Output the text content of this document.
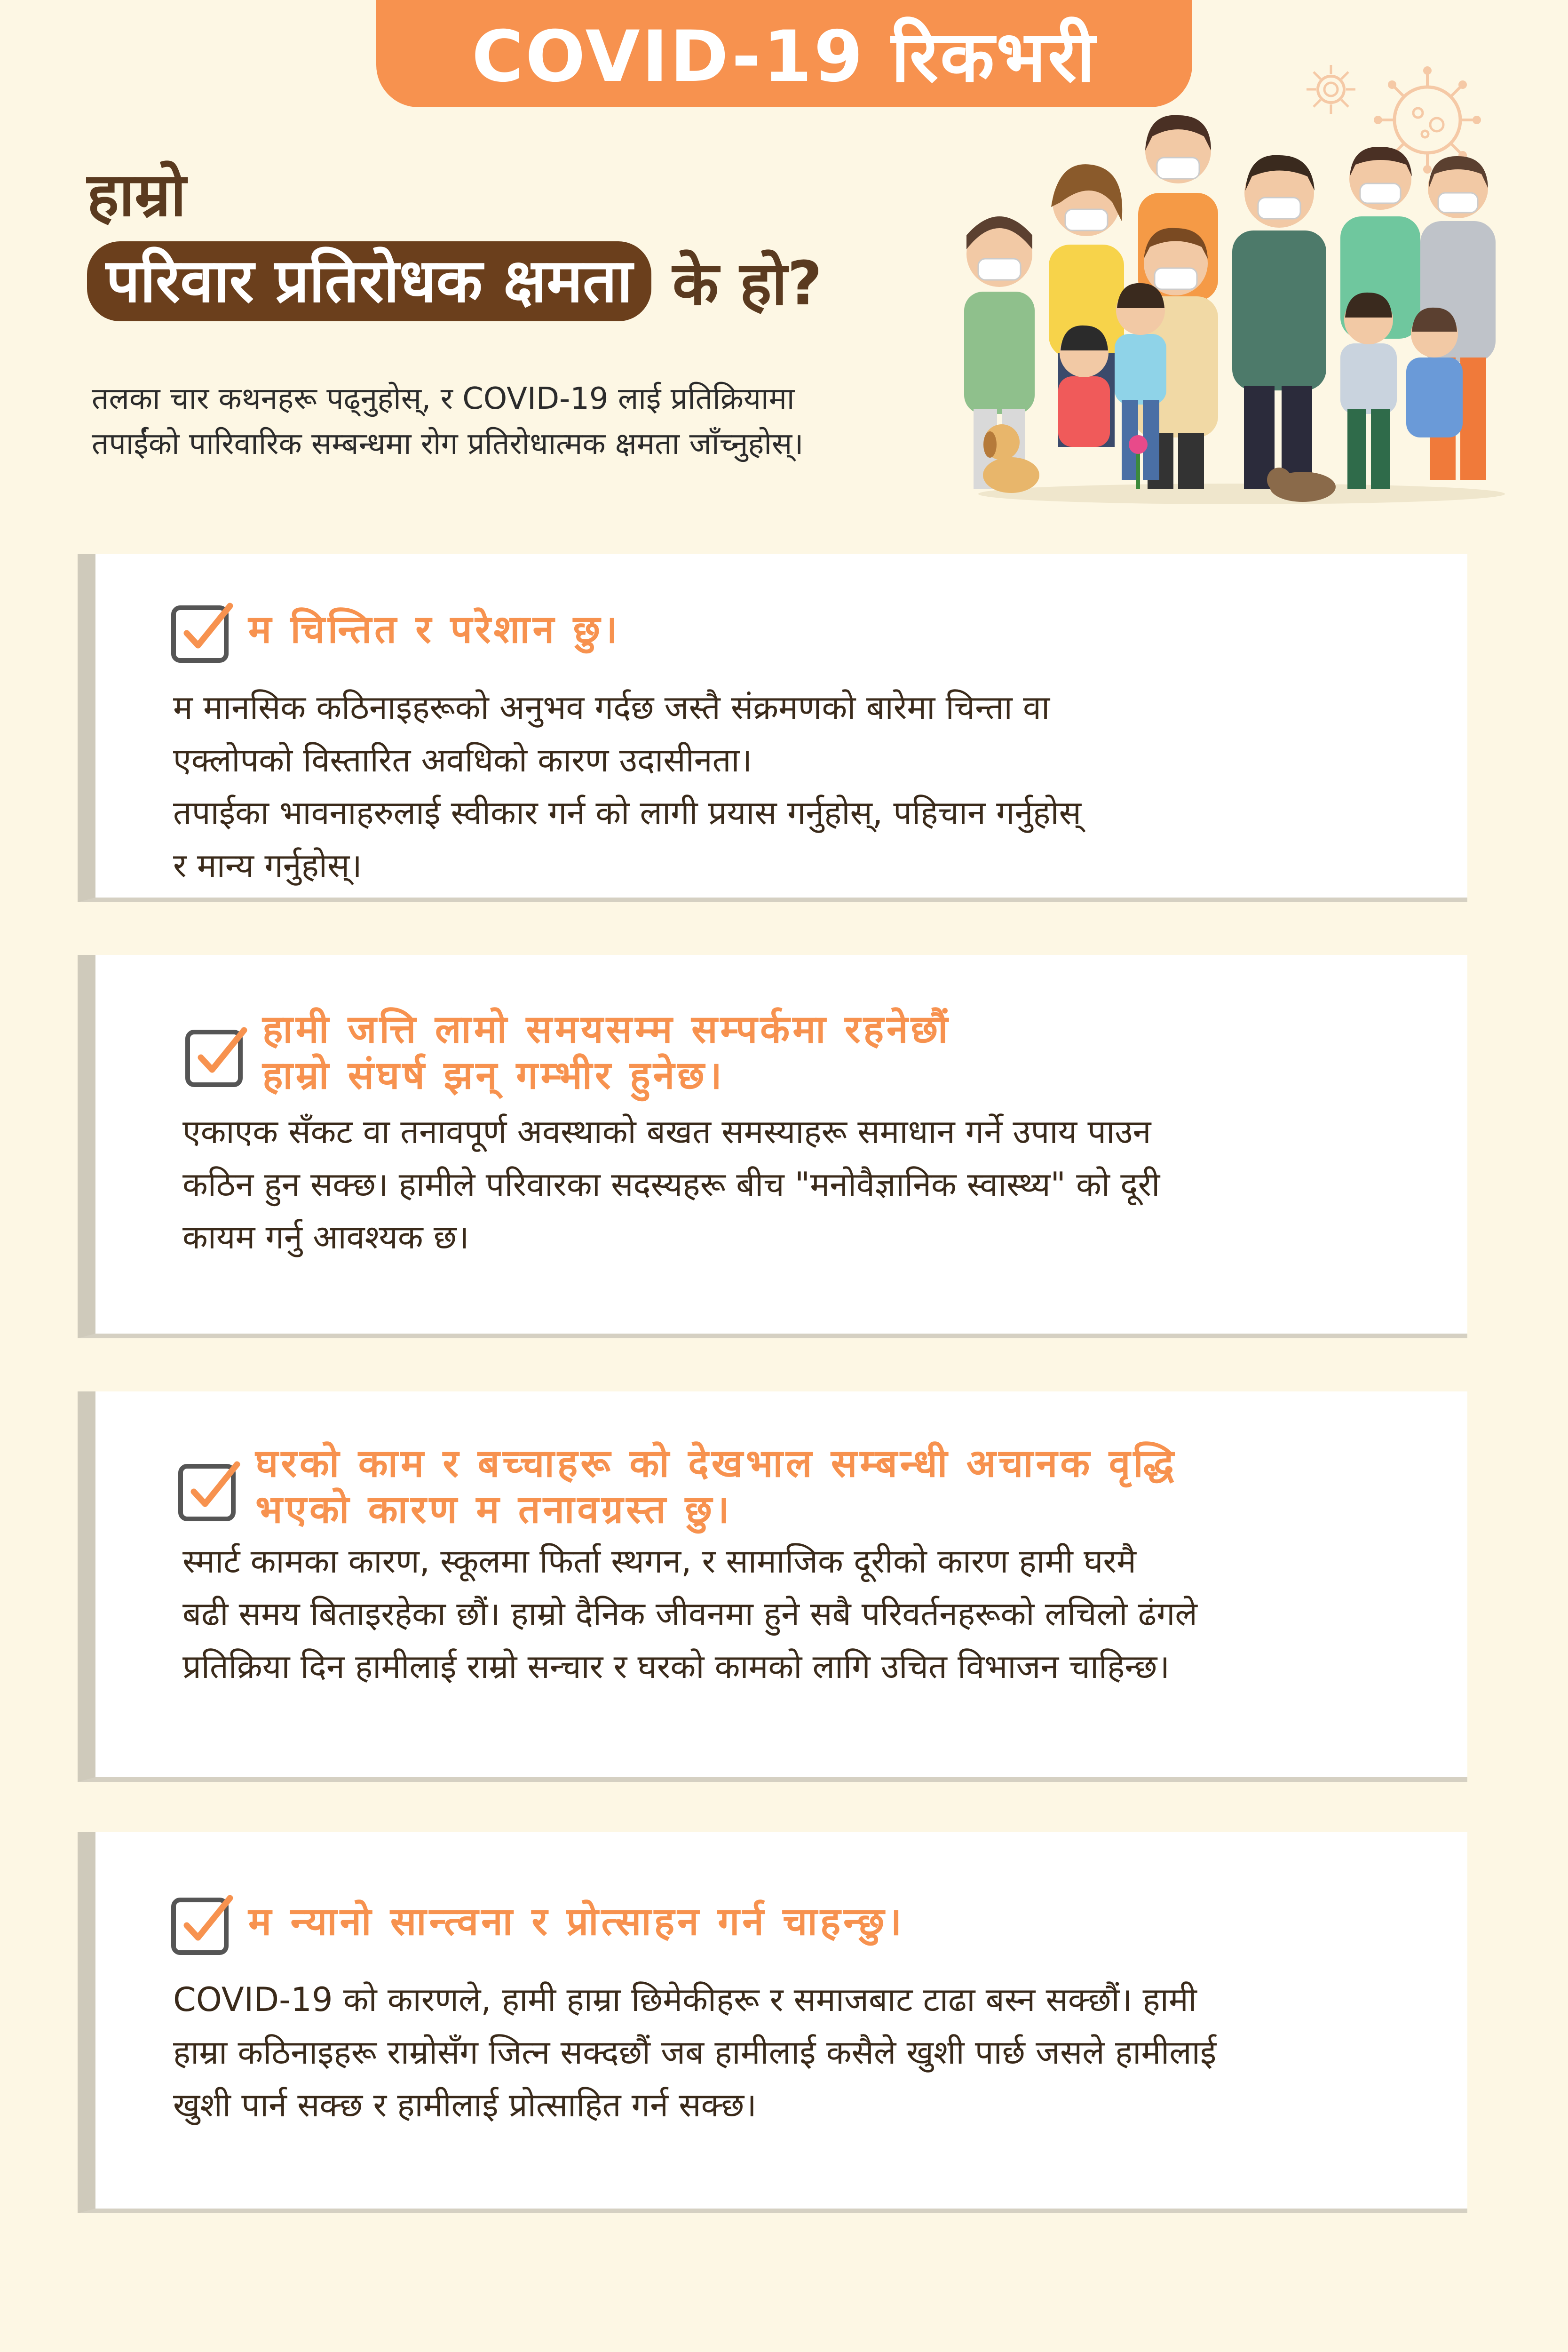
COVID-19 रिकभरी
हाम्रो
परिवार प्रतिरोधक क्षमता के हो?
तलका चार कथनहरू पढ्नुहोस्, र COVID-19 लाई प्रतिक्रियामा तपाईंको पारिवारिक सम्बन्धमा रोग प्रतिरोधात्मक क्षमता जाँच्नुहोस्।
म चिन्तित र परेशान छु।

म मानसिक कठिनाइहरूको अनुभव गर्दछ जस्तै संक्रमणको बारेमा चिन्ता वा

एक्लोपको विस्तारित अवधिको कारण उदासीनता।

तपाईका भावनाहरुलाई स्वीकार गर्न को लागी प्रयास गर्नुहोस्, पहिचान गर्नुहोस्

र मान्य गर्नुहोस्।

हामी जत्ति लामो समयसम्म सम्पर्कमा रहनेछौं
हाम्रो संघर्ष झन् गम्भीर हुनेछ।

एकाएक सँकट वा तनावपूर्ण अवस्थाको बखत समस्याहरू समाधान गर्ने उपाय पाउन

कठिन हुन सक्छ। हामीले परिवारका सदस्यहरू बीच "मनोवैज्ञानिक स्वास्थ्य" को दूरी

कायम गर्नु आवश्यक छ।

घरको काम र बच्चाहरू को देखभाल सम्बन्धी अचानक वृद्धि
भएको कारण म तनावग्रस्त छु।

स्मार्ट कामका कारण, स्कूलमा फिर्ता स्थगन, र सामाजिक दूरीको कारण हामी घरमै

बढी समय बिताइरहेका छौं। हाम्रो दैनिक जीवनमा हुने सबै परिवर्तनहरूको लचिलो ढंगले

प्रतिक्रिया दिन हामीलाई राम्रो सन्चार र घरको कामको लागि उचित विभाजन चाहिन्छ।

म न्यानो सान्त्वना र प्रोत्साहन गर्न चाहन्छु।

COVID-19 को कारणले, हामी हाम्रा छिमेकीहरू र समाजबाट टाढा बस्न सक्छौं। हामी

हाम्रा कठिनाइहरू राम्रोसँग जित्न सक्दछौं जब हामीलाई कसैले खुशी पार्छ जसले हामीलाई

खुशी पार्न सक्छ र हामीलाई प्रोत्साहित गर्न सक्छ।
